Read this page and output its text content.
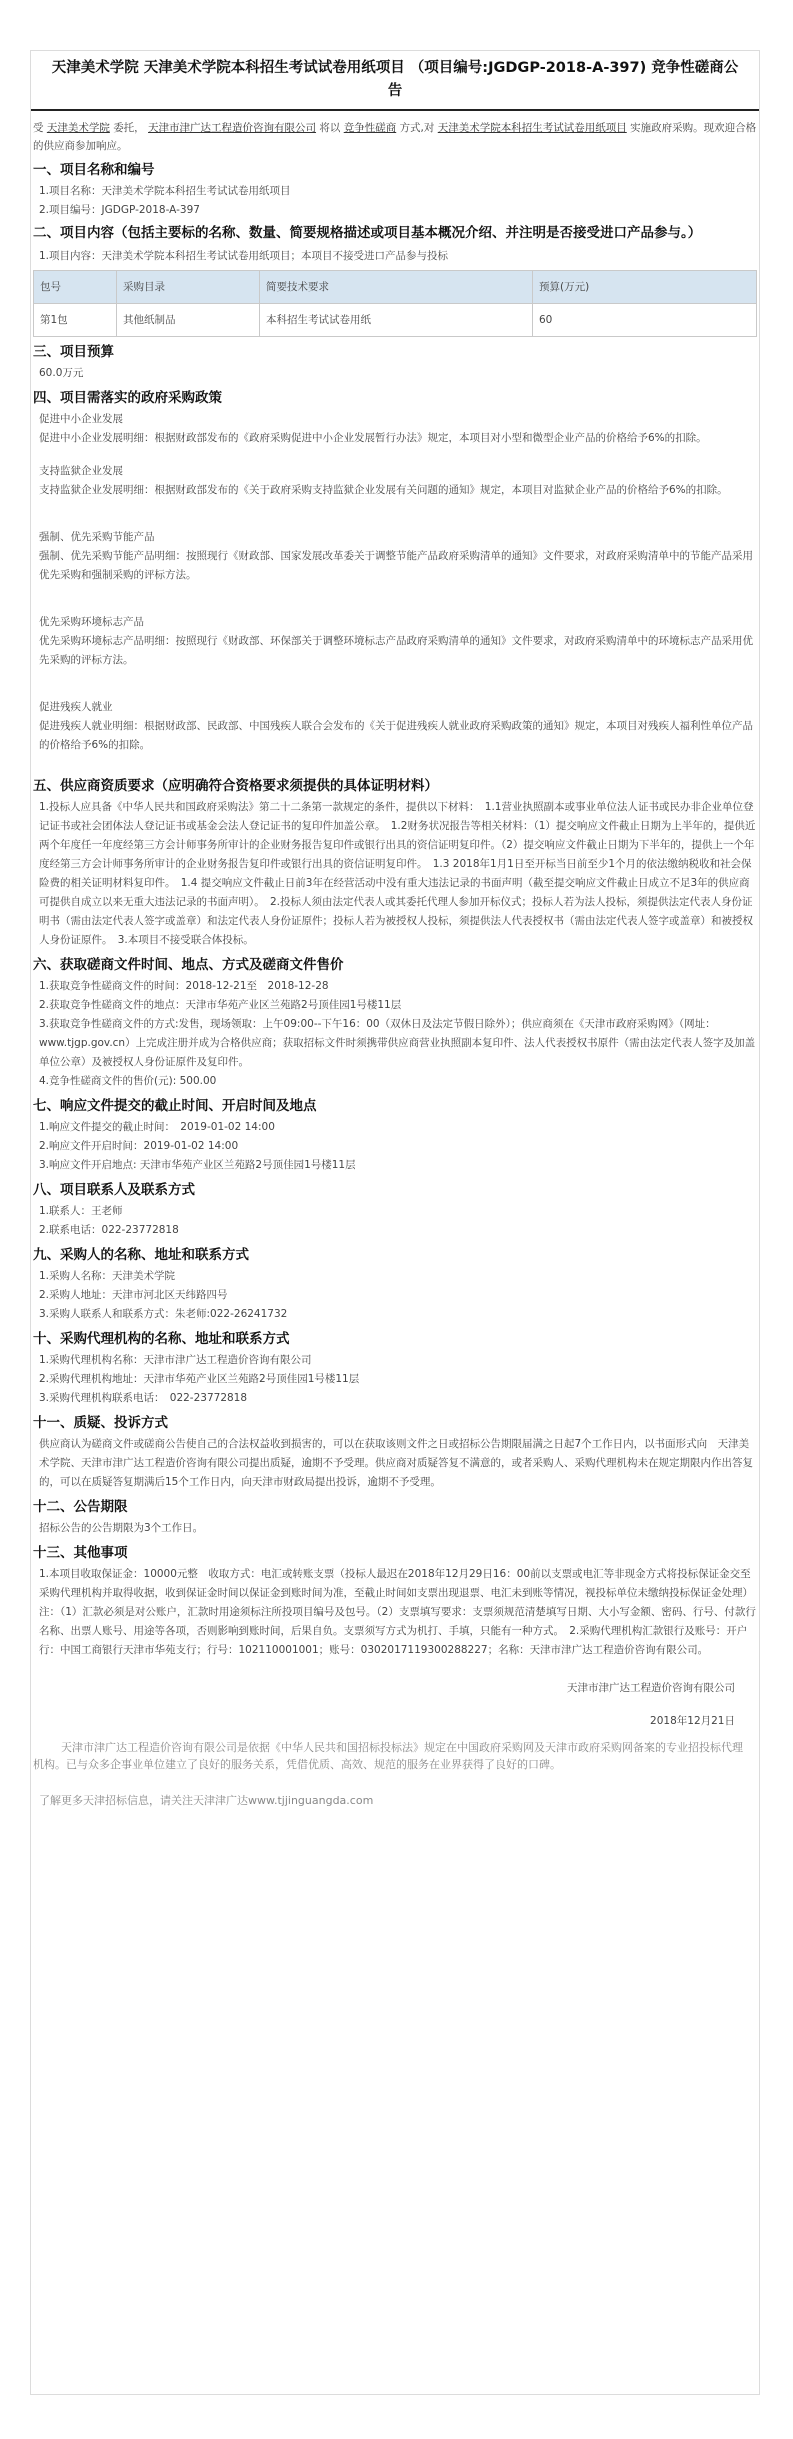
天津美术学院 天津美术学院本科招生考试试卷用纸项目 （项目编号:JGDGP-2018-A-397) 竞争性磋商公告
受 天津美术学院 委托， 天津市津广达工程造价咨询有限公司 将以 竞争性磋商 方式,对 天津美术学院本科招生考试试卷用纸项目 实施政府采购。现欢迎合格的供应商参加响应。
一、项目名称和编号

1.项目名称：天津美术学院本科招生考试试卷用纸项目

2.项目编号：JGDGP-2018-A-397

二、项目内容（包括主要标的名称、数量、简要规格描述或项目基本概况介绍、并注明是否接受进口产品参与。）

1.项目内容：天津美术学院本科招生考试试卷用纸项目；本项目不接受进口产品参与投标

包号	采购目录	简要技术要求	预算(万元)
第1包	其他纸制品	本科招生考试试卷用纸	60
三、项目预算

60.0万元

四、项目需落实的政府采购政策

促进中小企业发展

促进中小企业发展明细：根据财政部发布的《政府采购促进中小企业发展暂行办法》规定，本项目对小型和微型企业产品的价格给予6%的扣除。

支持监狱企业发展

支持监狱企业发展明细：根据财政部发布的《关于政府采购支持监狱企业发展有关问题的通知》规定，本项目对监狱企业产品的价格给予6%的扣除。

强制、优先采购节能产品

强制、优先采购节能产品明细：按照现行《财政部、国家发展改革委关于调整节能产品政府采购清单的通知》文件要求，对政府采购清单中的节能产品采用优先采购和强制采购的评标方法。

优先采购环境标志产品

优先采购环境标志产品明细：按照现行《财政部、环保部关于调整环境标志产品政府采购清单的通知》文件要求，对政府采购清单中的环境标志产品采用优先采购的评标方法。

促进残疾人就业

促进残疾人就业明细：根据财政部、民政部、中国残疾人联合会发布的《关于促进残疾人就业政府采购政策的通知》规定，本项目对残疾人福利性单位产品的价格给予6%的扣除。

五、供应商资质要求（应明确符合资格要求须提供的具体证明材料）

1.投标人应具备《中华人民共和国政府采购法》第二十二条第一款规定的条件，提供以下材料：　1.1营业执照副本或事业单位法人证书或民办非企业单位登记证书或社会团体法人登记证书或基金会法人登记证书的复印件加盖公章。　1.2财务状况报告等相关材料：（1）提交响应文件截止日期为上半年的，提供近两个年度任一年度经第三方会计师事务所审计的企业财务报告复印件或银行出具的资信证明复印件。（2）提交响应文件截止日期为下半年的，提供上一个年度经第三方会计师事务所审计的企业财务报告复印件或银行出具的资信证明复印件。　1.3 2018年1月1日至开标当日前至少1个月的依法缴纳税收和社会保险费的相关证明材料复印件。　1.4 提交响应文件截止日前3年在经营活动中没有重大违法记录的书面声明（截至提交响应文件截止日成立不足3年的供应商可提供自成立以来无重大违法记录的书面声明）。　2.投标人须由法定代表人或其委托代理人参加开标仪式；投标人若为法人投标，须提供法定代表人身份证明书（需由法定代表人签字或盖章）和法定代表人身份证原件；投标人若为被授权人投标，须提供法人代表授权书（需由法定代表人签字或盖章）和被授权人身份证原件。　3.本项目不接受联合体投标。

六、获取磋商文件时间、地点、方式及磋商文件售价

1.获取竞争性磋商文件的时间：2018-12-21至　2018-12-28

2.获取竞争性磋商文件的地点：天津市华苑产业区兰苑路2号顶佳园1号楼11层

3.获取竞争性磋商文件的方式:发售，现场领取：上午09:00--下午16：00（双休日及法定节假日除外）；供应商须在《天津市政府采购网》（网址：www.tjgp.gov.cn）上完成注册并成为合格供应商；获取招标文件时须携带供应商营业执照副本复印件、法人代表授权书原件（需由法定代表人签字及加盖单位公章）及被授权人身份证原件及复印件。

4.竞争性磋商文件的售价(元): 500.00

七、响应文件提交的截止时间、开启时间及地点

1.响应文件提交的截止时间：　2019-01-02 14:00

2.响应文件开启时间：2019-01-02 14:00

3.响应文件开启地点: 天津市华苑产业区兰苑路2号顶佳园1号楼11层

八、项目联系人及联系方式

1.联系人：王老师

2.联系电话：022-23772818

九、采购人的名称、地址和联系方式

1.采购人名称：天津美术学院

2.采购人地址：天津市河北区天纬路四号

3.采购人联系人和联系方式：朱老师:022-26241732

十、采购代理机构的名称、地址和联系方式

1.采购代理机构名称：天津市津广达工程造价咨询有限公司

2.采购代理机构地址：天津市华苑产业区兰苑路2号顶佳园1号楼11层

3.采购代理机构联系电话：　022-23772818

十一、质疑、投诉方式

供应商认为磋商文件或磋商公告使自己的合法权益收到损害的，可以在获取该则文件之日或招标公告期限届满之日起7个工作日内，以书面形式向　天津美术学院、天津市津广达工程造价咨询有限公司提出质疑，逾期不予受理。供应商对质疑答复不满意的，或者采购人、采购代理机构未在规定期限内作出答复的，可以在质疑答复期满后15个工作日内，向天津市财政局提出投诉，逾期不予受理。

十二、公告期限

招标公告的公告期限为3个工作日。

十三、其他事项

1.本项目收取保证金：10000元整　收取方式：电汇或转账支票（投标人最迟在2018年12月29日16：00前以支票或电汇等非现金方式将投标保证金交至采购代理机构并取得收据，收到保证金时间以保证金到账时间为准，至截止时间如支票出现退票、电汇未到账等情况，视投标单位未缴纳投标保证金处理）注：（1）汇款必须是对公账户，汇款时用途须标注所投项目编号及包号。（2）支票填写要求：支票须规范清楚填写日期、大小写金额、密码、行号、付款行名称、出票人账号、用途等各项，否则影响到账时间，后果自负。支票须写方式为机打、手填，只能有一种方式。　2.采购代理机构汇款银行及账号：开户行：中国工商银行天津市华苑支行；行号：102110001001；账号：0302017119300288227；名称：天津市津广达工程造价咨询有限公司。

天津市津广达工程造价咨询有限公司
2018年12月21日
天津市津广达工程造价咨询有限公司是依据《中华人民共和国招标投标法》规定在中国政府采购网及天津市政府采购网备案的专业招投标代理机构。已与众多企事业单位建立了良好的服务关系，凭借优质、高效、规范的服务在业界获得了良好的口碑。
了解更多天津招标信息，请关注天津津广达www.tjjinguangda.com
